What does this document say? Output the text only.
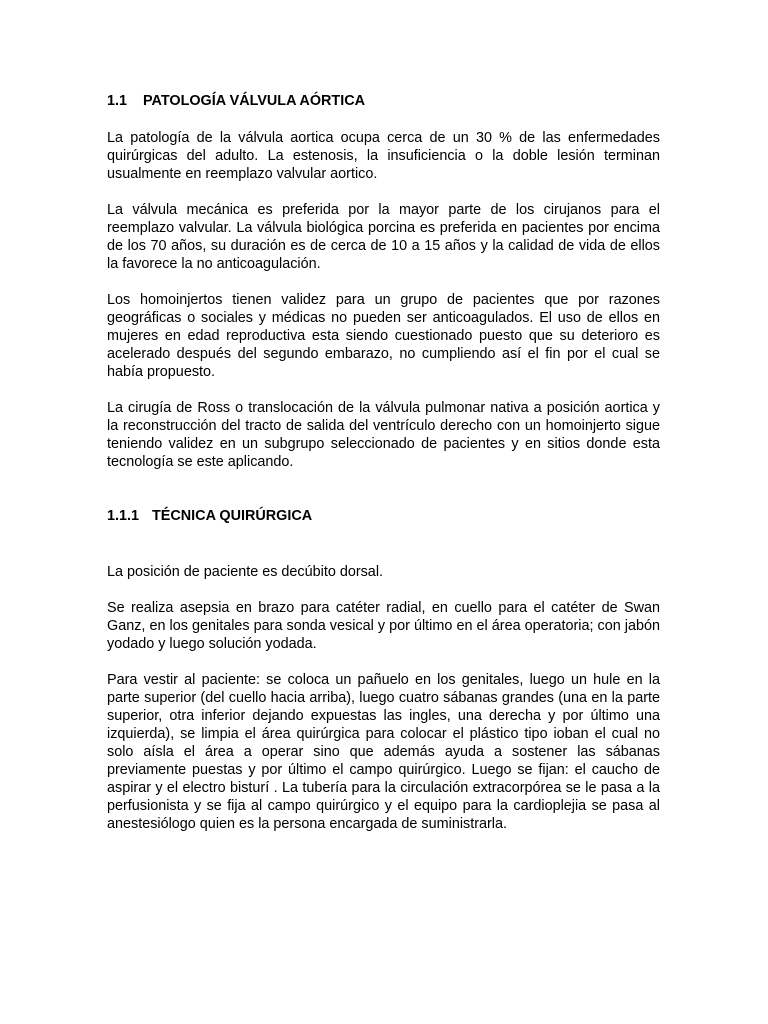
1.1	PATOLOGÍA VÁLVULA AÓRTICA

La patología de la válvula aortica ocupa cerca de un 30 % de las enfermedades quirúrgicas del adulto. La estenosis, la insuficiencia o la doble lesión terminan usualmente en reemplazo valvular aortico.

La válvula mecánica es preferida por la mayor parte de los cirujanos para el reemplazo valvular. La válvula biológica porcina es preferida en pacientes por encima de los 70 años, su duración es de cerca de 10 a 15 años y la calidad de vida de ellos la favorece la no anticoagulación.

Los homoinjertos tienen validez para un grupo de pacientes que por razones geográficas o sociales y médicas no pueden ser anticoagulados. El uso de ellos en mujeres en edad reproductiva esta siendo cuestionado puesto que su deterioro es acelerado después del segundo embarazo, no cumpliendo así el fin por el cual se había propuesto.

La cirugía de Ross o translocación de la válvula pulmonar nativa a posición aortica y la reconstrucción del tracto de salida del ventrículo derecho con un homoinjerto sigue teniendo validez en un subgrupo seleccionado de pacientes y en sitios donde esta tecnología se este aplicando.

1.1.1 TÉCNICA QUIRÚRGICA

La posición de paciente es decúbito dorsal.

Se realiza asepsia en brazo para catéter radial, en cuello para el catéter de Swan Ganz, en los genitales para sonda vesical y por último en el área operatoria; con jabón yodado y luego solución yodada.

Para vestir al paciente: se coloca un pañuelo en los genitales, luego un hule en la parte superior (del cuello hacia arriba), luego cuatro sábanas grandes (una en la parte superior, otra inferior dejando expuestas las ingles, una derecha y por último una izquierda), se limpia el área quirúrgica para colocar el plástico tipo ioban el cual no solo aísla el área a operar sino que además ayuda a sostener las sábanas previamente puestas y por último el campo quirúrgico. Luego se fijan: el caucho de aspirar y el electro bisturí . La tubería para la circulación extracorpórea se le pasa a la perfusionista y se fija al campo quirúrgico y el equipo para la cardioplejia se pasa al anestesiólogo quien es la persona encargada de suministrarla.
